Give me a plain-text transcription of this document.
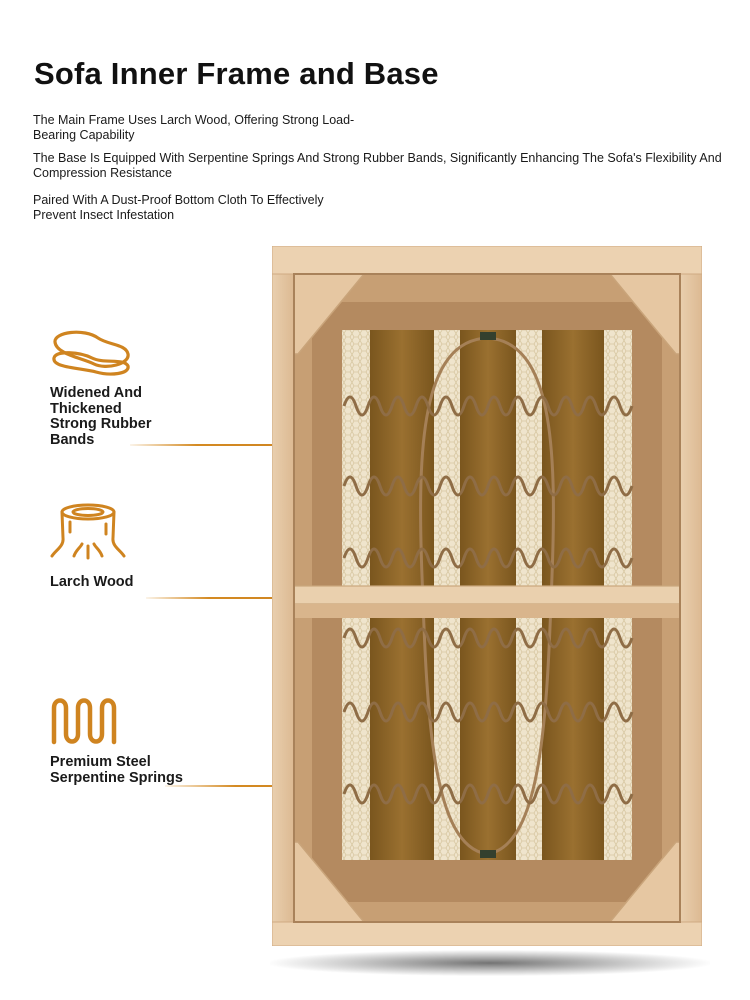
Sofa Inner Frame and Base

The Main Frame Uses Larch Wood, Offering Strong Load-Bearing Capability

The Base Is Equipped With Serpentine Springs And Strong Rubber Bands, Significantly Enhancing The Sofa's Flexibility And Compression Resistance

Paired With A Dust-Proof Bottom Cloth To Effectively Prevent Insect Infestation

Widened And
Thickened
Strong Rubber
Bands
Larch Wood
Premium Steel
Serpentine Springs
